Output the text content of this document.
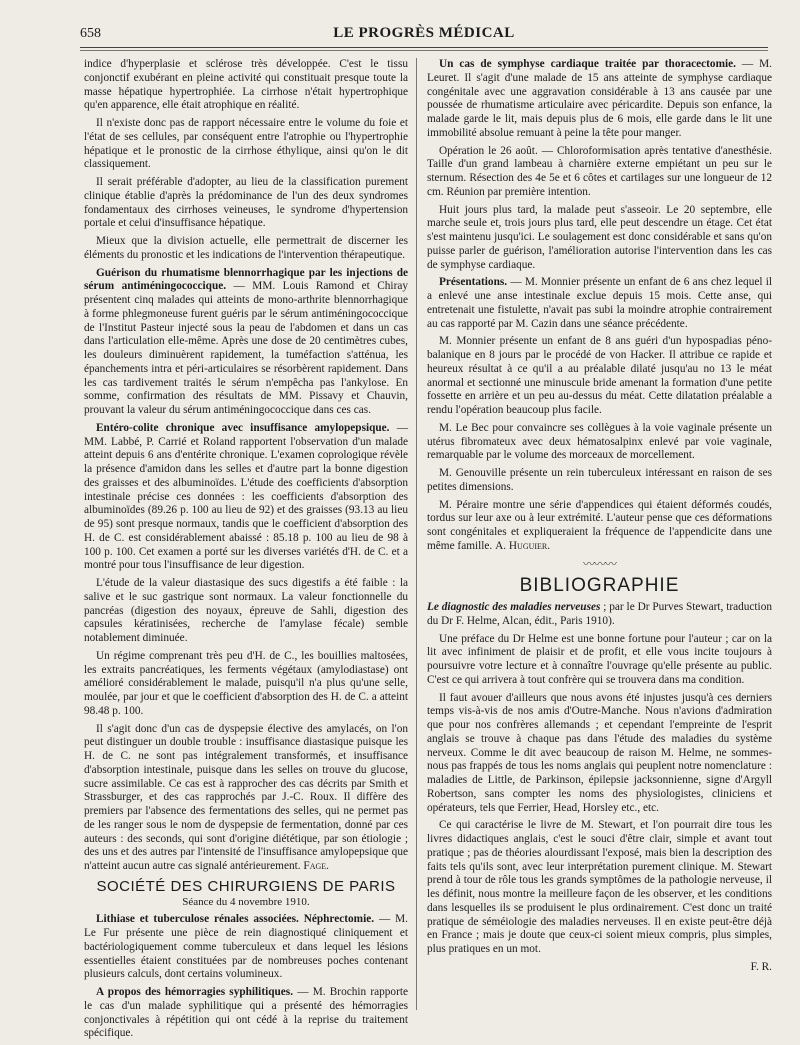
658	LE PROGRÈS MÉDICAL

indice d'hyperplasie et sclérose très développée. C'est le tissu conjonctif exubérant en pleine activité qui constituait presque toute la masse hépatique hypertrophiée. La cirrhose n'était hypertrophique qu'en apparence, elle était atrophique en réalité.

Il n'existe donc pas de rapport nécessaire entre le volume du foie et l'état de ses cellules, par conséquent entre l'atrophie ou l'hypertrophie hépatique et le pronostic de la cirrhose éthylique, ainsi qu'on le dit classiquement.

Il serait préférable d'adopter, au lieu de la classification purement clinique établie d'après la prédominance de l'un des deux syndromes fondamentaux des cirrhoses veineuses, le syndrome d'hypertension portale et celui d'insuffisance hépatique.

Mieux que la division actuelle, elle permettrait de discerner les éléments du pronostic et les indications de l'intervention thérapeutique.

Guérison du rhumatisme blennorrhagique par les injections de sérum antiméningococcique. — MM. Louis Ramond et Chiray présentent cinq malades qui atteints de mono-arthrite blennorrhagique à forme phlegmoneuse furent guéris par le sérum antiméningococcique de l'Institut Pasteur injecté sous la peau de l'abdomen et dans un cas dans l'articulation elle-même. Après une dose de 20 centimètres cubes, les douleurs diminuèrent rapidement, la tuméfaction s'atténua, les épanchements intra et péri-articulaires se résorbèrent rapidement. Dans les cas tardivement traités le sérum n'empêcha pas l'ankylose. En somme, confirmation des résultats de MM. Pissavy et Chauvin, prouvant la valeur du sérum antiméningococcique dans ces cas.

Entéro-colite chronique avec insuffisance amylopepsique. — MM. Labbé, P. Carrié et Roland rapportent l'observation d'un malade atteint depuis 6 ans d'entérite chronique. L'examen coprologique révèle la présence d'amidon dans les selles et d'autre part la bonne digestion des graisses et des albuminoïdes. L'étude des coefficients d'absorption intestinale précise ces données : les coefficients d'absorption des albuminoïdes (89.26 p. 100 au lieu de 92) et des graisses (93.13 au lieu de 95) sont presque normaux, tandis que le coefficient d'absorption des H. de C. est considérablement abaissé : 85.18 p. 100 au lieu de 98 à 100 p. 100. Cet examen a porté sur les diverses variétés d'H. de C. et a montré pour tous l'insuffisance de leur digestion.

L'étude de la valeur diastasique des sucs digestifs a été faible : la salive et le suc gastrique sont normaux. La valeur fonctionnelle du pancréas (digestion des noyaux, épreuve de Sahli, digestion des capsules kératinisées, recherche de l'amylase fécale) semble notablement diminuée.

Un régime comprenant très peu d'H. de C., les bouillies maltosées, les extraits pancréatiques, les ferments végétaux (amylodiastase) ont amélioré considérablement le malade, puisqu'il n'a plus qu'une selle, moulée, par jour et que le coefficient d'absorption des H. de C. a atteint 98.48 p. 100.

Il s'agit donc d'un cas de dyspepsie élective des amylacés, on l'on peut distinguer un double trouble : insuffisance diastasique puisque les H. de C. ne sont pas intégralement transformés, et insuffisance d'absorption intestinale, puisque dans les selles on trouve du glucose, sucre assimilable. Ce cas est à rapprocher des cas décrits par Smith et Strassburger, et des cas rapprochés par J.-C. Roux. Il diffère des premiers par l'absence des fermentations des selles, qui ne permet pas de les ranger sous le nom de dyspepsie de fermentation, donné par ces auteurs : des seconds, qui sont d'origine diététique, par son étiologie ; des uns et des autres par l'intensité de l'insuffisance amylopepsique que n'atteint aucun autre cas signalé antérieurement. Fage.

SOCIÉTÉ DES CHIRURGIENS DE PARIS
Séance du 4 novembre 1910.

Lithiase et tuberculose rénales associées. Néphrectomie. — M. Le Fur présente une pièce de rein diagnostiqué cliniquement et bactériologiquement comme tuberculeux et dans lequel les lésions essentielles étaient constituées par de nombreuses poches contenant plusieurs calculs, dont certains volumineux.

A propos des hémorragies syphilitiques. — M. Brochin rapporte le cas d'un malade syphilitique qui a présenté des hémorragies conjonctivales à répétition qui ont cédé à la reprise du traitement spécifique.

Un cas de symphyse cardiaque traitée par thoracectomie. — M. Leuret. Il s'agit d'une malade de 15 ans atteinte de symphyse cardiaque congénitale avec une aggravation considérable à 13 ans causée par une poussée de rhumatisme articulaire avec péricardite. Depuis son enfance, la malade garde le lit, mais depuis plus de 6 mois, elle garde dans le lit une immobilité absolue remuant à peine la tête pour manger.

Opération le 26 août. — Chloroformisation après tentative d'anesthésie. Taille d'un grand lambeau à charnière externe empiétant un peu sur le sternum. Résection des 4e 5e et 6 côtes et cartilages sur une longueur de 12 cm. Réunion par première intention.

Huit jours plus tard, la malade peut s'asseoir. Le 20 septembre, elle marche seule et, trois jours plus tard, elle peut descendre un étage. Cet état s'est maintenu jusqu'ici. Le soulagement est donc considérable et sans qu'on puisse parler de guérison, l'amélioration autorise l'intervention dans les cas de symphyse cardiaque.

Présentations. — M. Monnier présente un enfant de 6 ans chez lequel il a enlevé une anse intestinale exclue depuis 15 mois. Cette anse, qui entretenait une fistulette, n'avait pas subi la moindre atrophie contrairement au cas rapporté par M. Cazin dans une séance précédente.

M. Monnier présente un enfant de 8 ans guéri d'un hypospadias péno-balanique en 8 jours par le procédé de von Hacker. Il attribue ce rapide et heureux résultat à ce qu'il a au préalable dilaté jusqu'au no 13 le méat anormal et sectionné une minuscule bride amenant la formation d'une petite fossette en arrière et un peu au-dessus du méat. Cette dilatation préalable a rendu l'opération beaucoup plus facile.

M. Le Bec pour convaincre ses collègues à la voie vaginale présente un utérus fibromateux avec deux hématosalpinx enlevé par voie vaginale, remarquable par le volume des morceaux de morcellement.

M. Genouville présente un rein tuberculeux intéressant en raison de ses petites dimensions.

M. Péraire montre une série d'appendices qui étaient déformés coudés, tordus sur leur axe ou à leur extrémité. L'auteur pense que ces déformations sont congénitales et expliqueraient la fréquence de l'appendicite dans une même famille. A. Huguier.

〰〰〰
BIBLIOGRAPHIE

Le diagnostic des maladies nerveuses ; par le Dr Purves Stewart, traduction du Dr F. Helme, Alcan, édit., Paris 1910).

Une préface du Dr Helme est une bonne fortune pour l'auteur ; car on la lit avec infiniment de plaisir et de profit, et elle vous incite toujours à poursuivre votre lecture et à connaître l'ouvrage qu'elle présente au public. C'est ce qui arrivera à tout confrère qui se trouvera dans ma condition.

Il faut avouer d'ailleurs que nous avons été injustes jusqu'à ces derniers temps vis-à-vis de nos amis d'Outre-Manche. Nous n'avions d'admiration que pour nos confrères allemands ; et cependant l'empreinte de l'esprit anglais se trouve à chaque pas dans l'étude des maladies du système nerveux. Comme le dit avec beaucoup de raison M. Helme, ne sommes-nous pas frappés de tous les noms anglais qui peuplent notre nomenclature : maladies de Little, de Parkinson, épilepsie jacksonnienne, signe d'Argyll Robertson, sans compter les noms des physiologistes, cliniciens et opérateurs, tels que Ferrier, Head, Horsley etc., etc.

Ce qui caractérise le livre de M. Stewart, et l'on pourrait dire tous les livres didactiques anglais, c'est le souci d'être clair, simple et avant tout pratique ; pas de théories alourdissant l'exposé, mais bien la description des faits tels qu'ils sont, avec leur interprétation purement clinique. M. Stewart prend à tour de rôle tous les grands symptômes de la pathologie nerveuse, il les définit, nous montre la meilleure façon de les observer, et les conditions dans lesquelles ils se produisent le plus ordinairement. C'est donc un traité pratique de séméiologie des maladies nerveuses. Il en existe peut-être déjà en France ; mais je doute que ceux-ci soient mieux compris, plus simples, plus pratiques en un mot.

F. R.
